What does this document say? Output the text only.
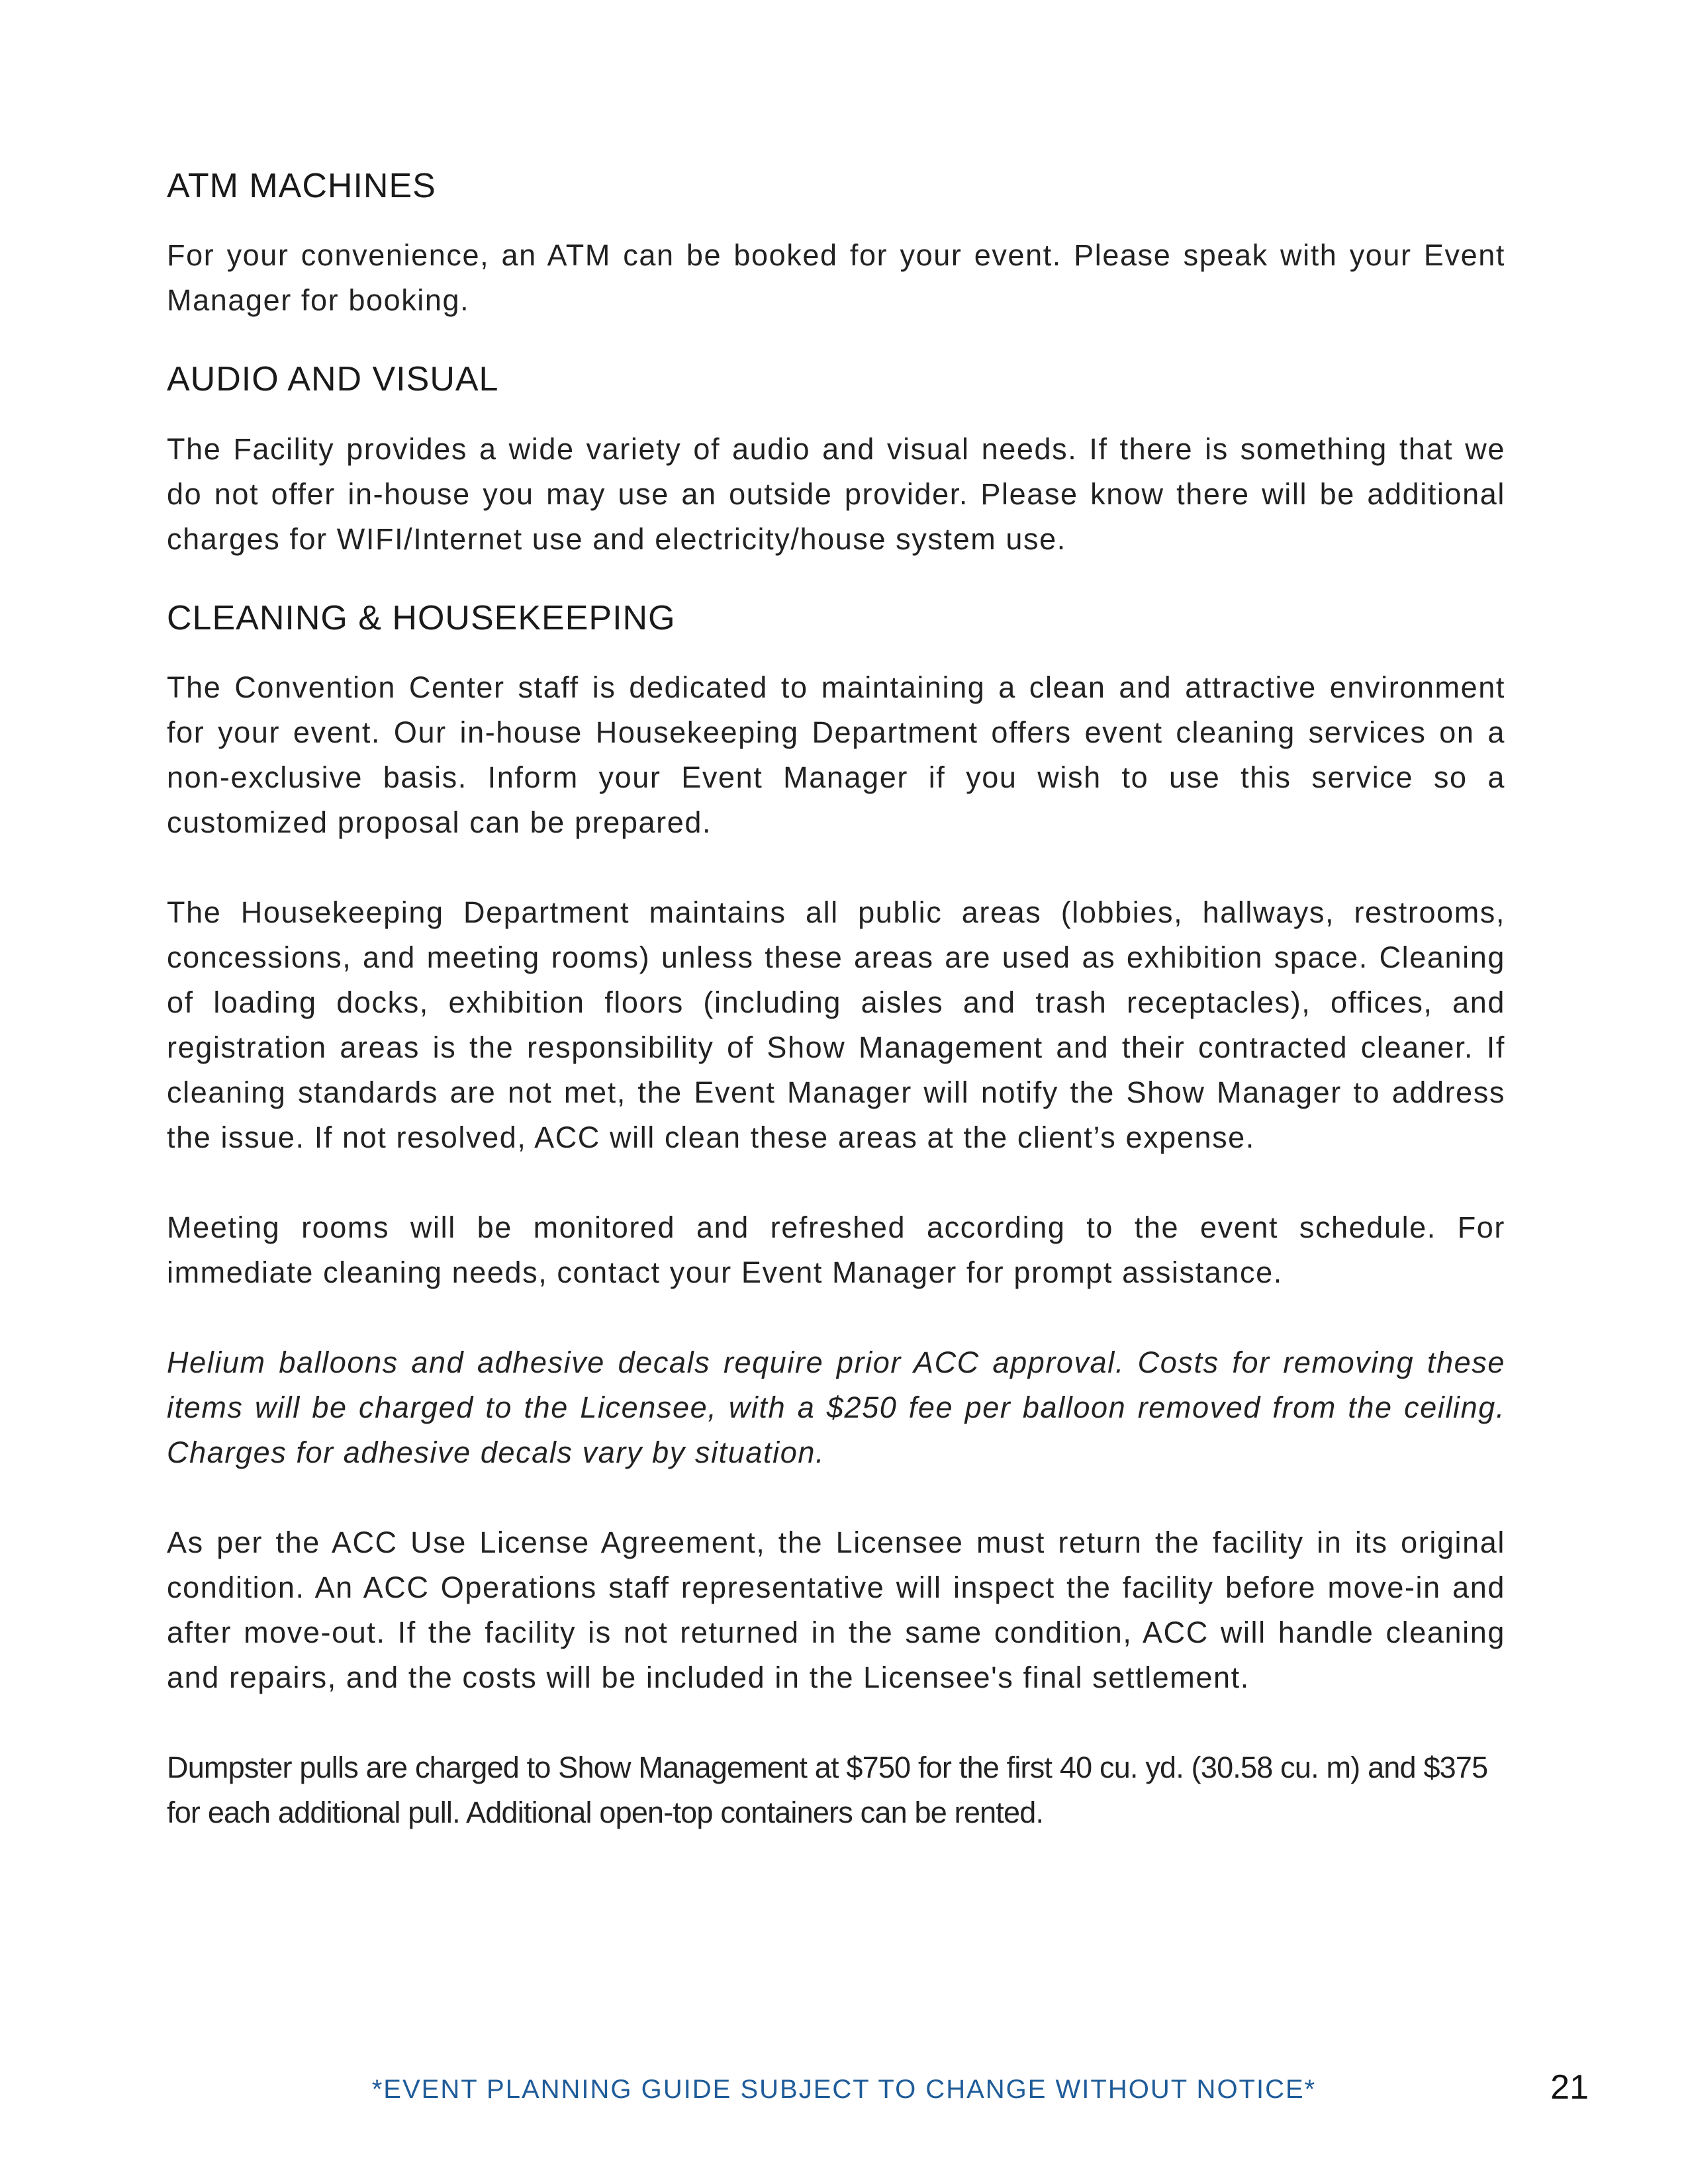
ATM MACHINES

For your convenience, an ATM can be booked for your event. Please speak with your Event Manager for booking.

AUDIO AND VISUAL

The Facility provides a wide variety of audio and visual needs. If there is something that we do not offer in-house you may use an outside provider. Please know there will be additional charges for WIFI/Internet use and electricity/house system use.

CLEANING & HOUSEKEEPING

The Convention Center staff is dedicated to maintaining a clean and attractive environment for your event. Our in-house Housekeeping Department offers event cleaning services on a non-exclusive basis. Inform your Event Manager if you wish to use this service so a customized proposal can be prepared.

The Housekeeping Department maintains all public areas (lobbies, hallways, restrooms, concessions, and meeting rooms) unless these areas are used as exhibition space. Cleaning of loading docks, exhibition floors (including aisles and trash receptacles), offices, and registration areas is the responsibility of Show Management and their contracted cleaner. If cleaning standards are not met, the Event Manager will notify the Show Manager to address the issue. If not resolved, ACC will clean these areas at the client’s expense.

Meeting rooms will be monitored and refreshed according to the event schedule. For immediate cleaning needs, contact your Event Manager for prompt assistance.

Helium balloons and adhesive decals require prior ACC approval. Costs for removing these items will be charged to the Licensee, with a $250 fee per balloon removed from the ceiling. Charges for adhesive decals vary by situation.

As per the ACC Use License Agreement, the Licensee must return the facility in its original condition. An ACC Operations staff representative will inspect the facility before move-in and after move-out. If the facility is not returned in the same condition, ACC will handle cleaning and repairs, and the costs will be included in the Licensee's final settlement.

Dumpster pulls are charged to Show Management at $750 for the first 40 cu. yd. (30.58 cu. m) and $375 for each additional pull. Additional open-top containers can be rented.

*EVENT PLANNING GUIDE SUBJECT TO CHANGE WITHOUT NOTICE*	21
